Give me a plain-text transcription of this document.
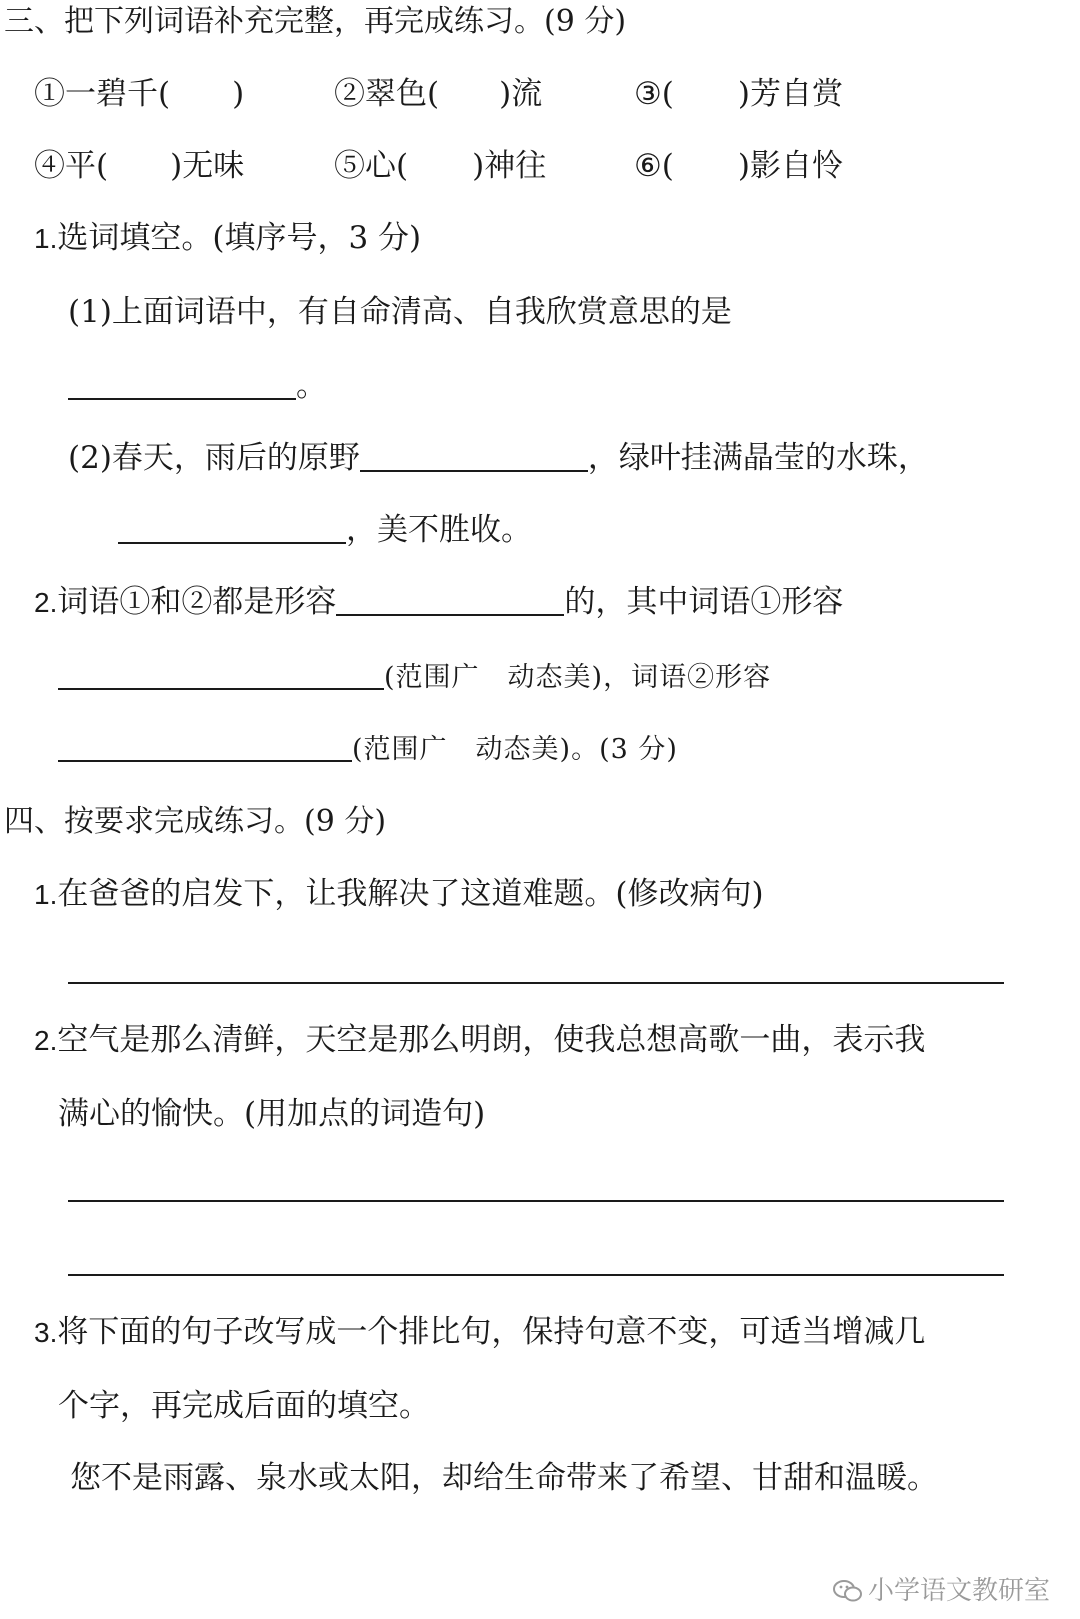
三、把下列词语补充完整，再完成练习。(9 分)
①一碧千( )	②翠色( )流	③( )芳自赏
④平( )无味	⑤心( )神往	⑥( )影自怜
1.选词填空。(填序号，3 分)
(1)上面词语中，有自命清高、自我欣赏意思的是
。
(2)春天，雨后的原野	，绿叶挂满晶莹的水珠，
，美不胜收。
2.词语①和②都是形容	的，其中词语①形容
(范围广　动态美)，词语②形容
(范围广　动态美)。(3 分)
四、按要求完成练习。(9 分)
1.在爸爸的启发下，让我解决了这道难题。(修改病句)
2.空气是那么清鲜，天空是那么明朗，使我总想高歌一曲，表示我
满心的愉快。(用加点的词造句)
3.将下面的句子改写成一个排比句，保持句意不变，可适当增减几
个字，再完成后面的填空。
您不是雨露、泉水或太阳，却给生命带来了希望、甘甜和温暖。
小学语文教研室
